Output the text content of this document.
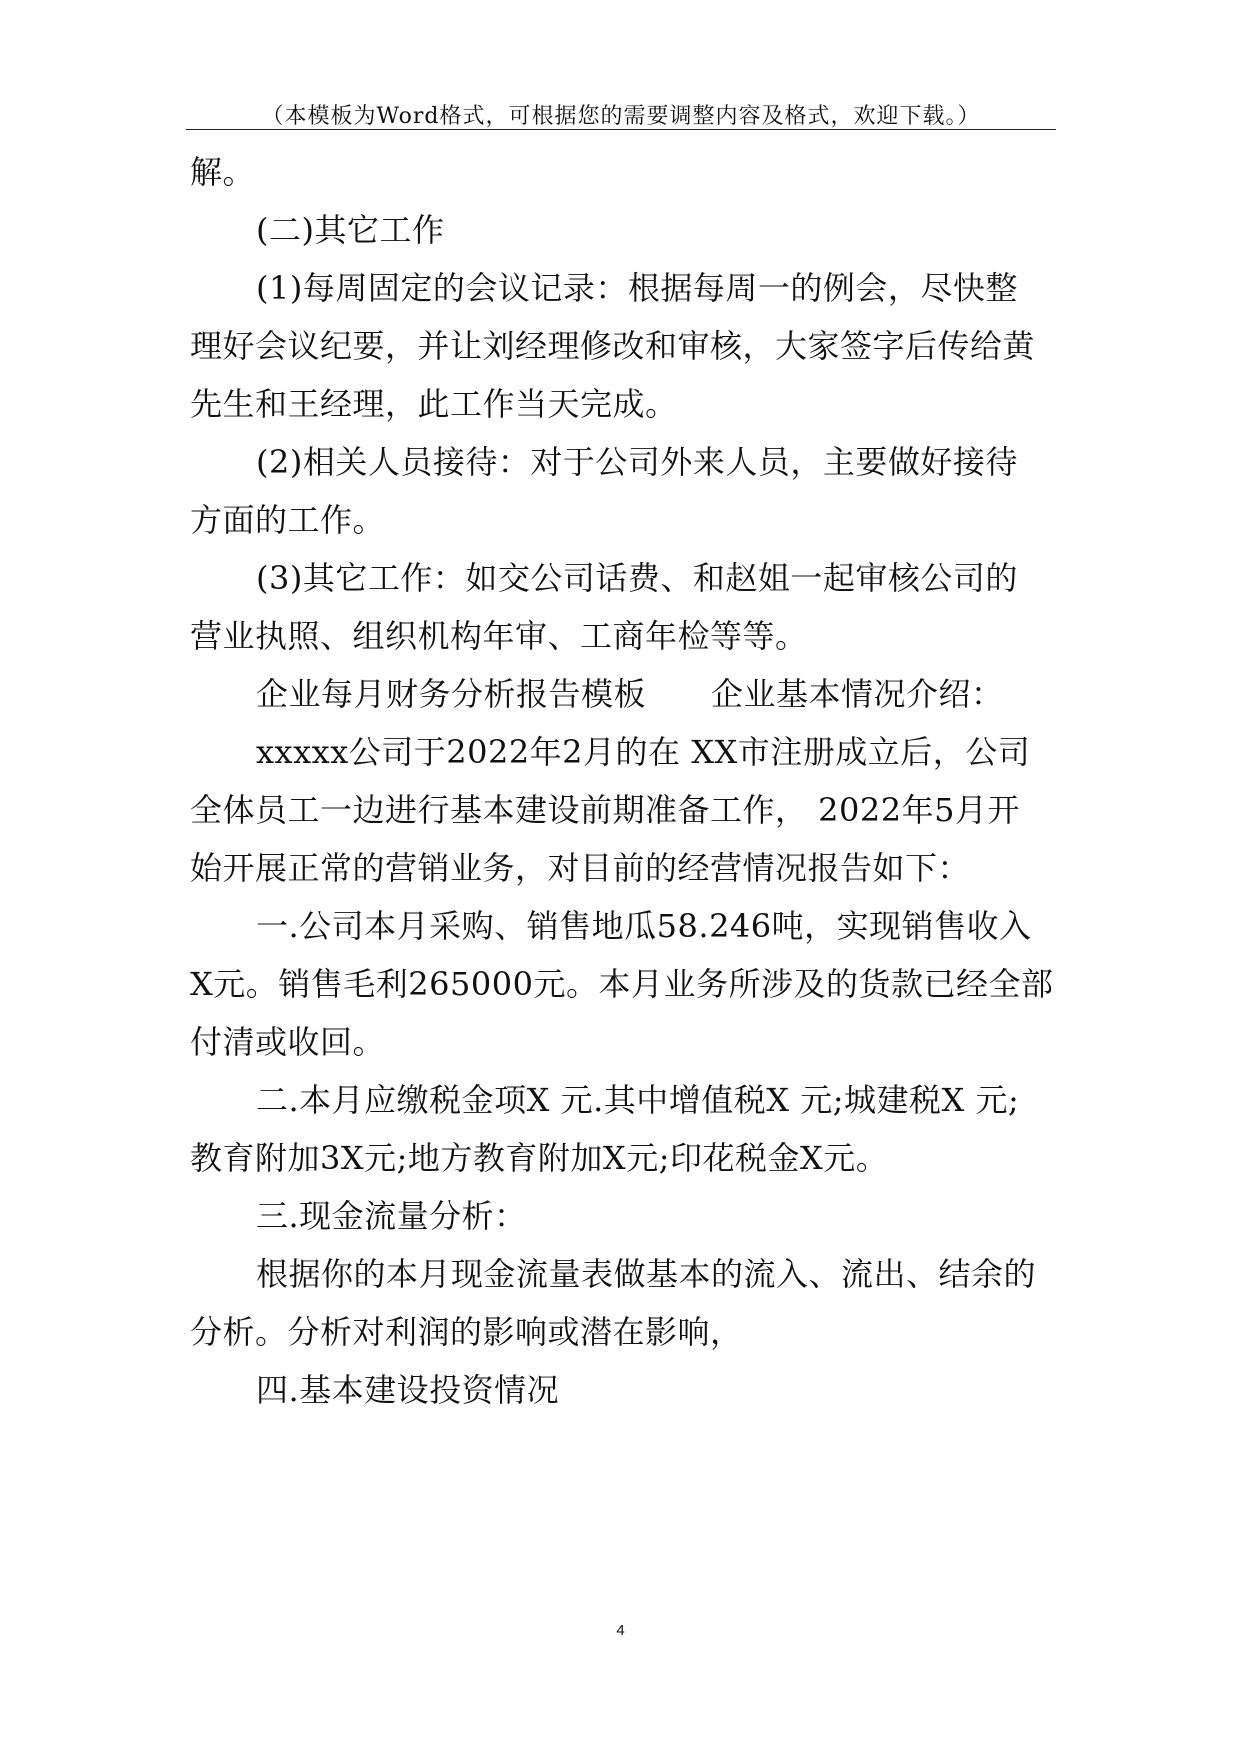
（本模板为Word格式，可根据您的需要调整内容及格式，欢迎下载。）
解。
(二)其它工作
(1)每周固定的会议记录：根据每周一的例会，尽快整
理好会议纪要，并让刘经理修改和审核，大家签字后传给黄
先生和王经理，此工作当天完成。
(2)相关人员接待：对于公司外来人员，主要做好接待
方面的工作。
(3)其它工作：如交公司话费、和赵姐一起审核公司的
营业执照、组织机构年审、工商年检等等。
企业每月财务分析报告模板　　企业基本情况介绍：
xxxxx公司于2022年2月的在 XX市注册成立后，公司
全体员工一边进行基本建设前期准备工作， 2022年5月开
始开展正常的营销业务，对目前的经营情况报告如下：
一.公司本月采购、销售地瓜58.246吨，实现销售收入
X元。销售毛利265000元。本月业务所涉及的货款已经全部
付清或收回。
二.本月应缴税金项X 元.其中增值税X 元;城建税X 元;
教育附加3X元;地方教育附加X元;印花税金X元。
三.现金流量分析：
根据你的本月现金流量表做基本的流入、流出、结余的
分析。分析对利润的影响或潜在影响，
四.基本建设投资情况
4
